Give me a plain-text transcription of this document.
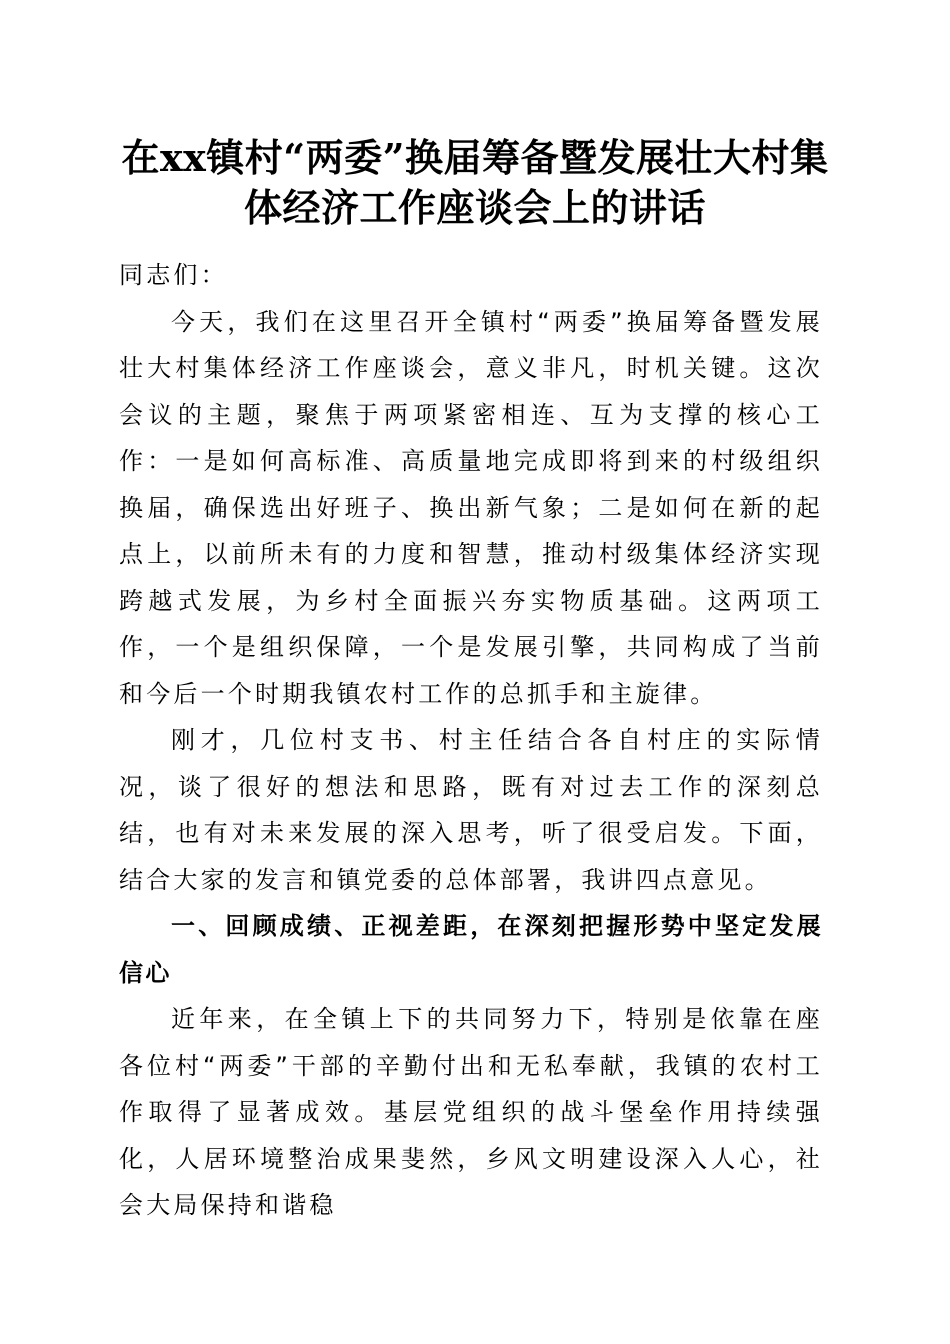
在xx镇村“两委”换届筹备暨发展壮大村集
体经济工作座谈会上的讲话

同志们：

今天，我们在这里召开全镇村“两委”换届筹备暨发展壮大村集体经济工作座谈会，意义非凡，时机关键。这次会议的主题，聚焦于两项紧密相连、互为支撑的核心工作：一是如何高标准、高质量地完成即将到来的村级组织换届，确保选出好班子、换出新气象；二是如何在新的起点上，以前所未有的力度和智慧，推动村级集体经济实现跨越式发展，为乡村全面振兴夯实物质基础。这两项工作，一个是组织保障，一个是发展引擎，共同构成了当前和今后一个时期我镇农村工作的总抓手和主旋律。

刚才，几位村支书、村主任结合各自村庄的实际情况，谈了很好的想法和思路，既有对过去工作的深刻总结，也有对未来发展的深入思考，听了很受启发。下面，结合大家的发言和镇党委的总体部署，我讲四点意见。

一、回顾成绩、正视差距，在深刻把握形势中坚定发展信心

近年来，在全镇上下的共同努力下，特别是依靠在座各位村“两委”干部的辛勤付出和无私奉献，我镇的农村工作取得了显著成效。基层党组织的战斗堡垒作用持续强化，人居环境整治成果斐然，乡风文明建设深入人心，社会大局保持和谐稳
